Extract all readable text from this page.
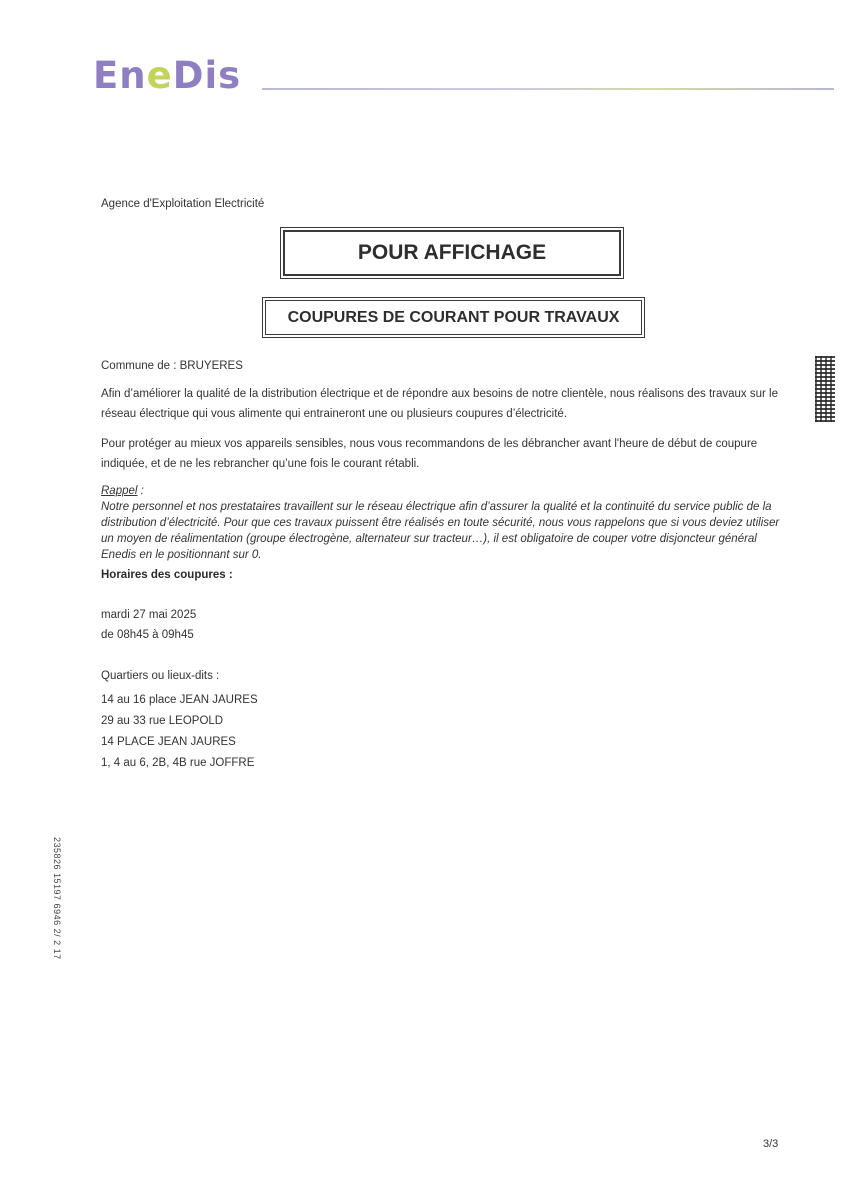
EneDis
Agence d'Exploitation Electricité
POUR AFFICHAGE
COUPURES DE COURANT POUR TRAVAUX
Commune de : BRUYERES
Afin d’améliorer la qualité de la distribution électrique et de répondre aux besoins de notre clientèle, nous réalisons des travaux sur le réseau électrique qui vous alimente qui entraineront une ou plusieurs coupures d’électricité.
Pour protéger au mieux vos appareils sensibles, nous vous recommandons de les débrancher avant l'heure de début de coupure indiquée, et de ne les rebrancher qu’une fois le courant rétabli.
Rappel :
Notre personnel et nos prestataires travaillent sur le réseau électrique afin d’assurer la qualité et la continuité du service public de la distribution d’électricité. Pour que ces travaux puissent être réalisés en toute sécurité, nous vous rappelons que si vous deviez utiliser un moyen de réalimentation (groupe électrogène, alternateur sur tracteur…), il est obligatoire de couper votre disjoncteur général Enedis en le positionnant sur 0.
Horaires des coupures :
mardi 27 mai 2025
de 08h45 à 09h45
Quartiers ou lieux-dits :
14 au 16 place JEAN JAURES
29 au 33 rue LEOPOLD
14 PLACE JEAN JAURES
1, 4 au 6, 2B, 4B rue JOFFRE
235826 15197 6946 2/ 2 17
3/3
